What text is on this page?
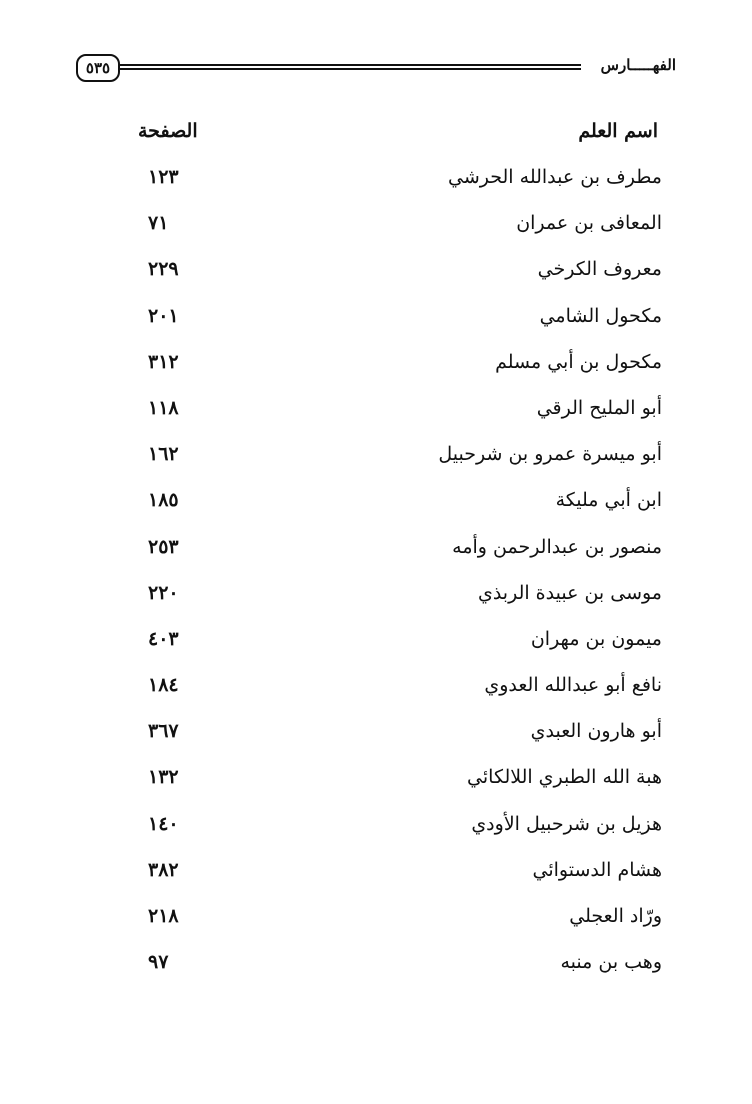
٥٣٥	الفهـــــارس
اسم العلم
الصفحة
مطرف بن عبدالله الحرشي
١٢٣
المعافى بن عمران
٧١
معروف الكرخي
٢٢٩
مكحول الشامي
٢٠١
مكحول بن أبي مسلم
٣١٢
أبو المليح الرقي
١١٨
أبو ميسرة عمرو بن شرحبيل
١٦٢
ابن أبي مليكة
١٨٥
منصور بن عبدالرحمن وأمه
٢٥٣
موسى بن عبيدة الربذي
٢٢٠
ميمون بن مهران
٤٠٣
نافع أبو عبدالله العدوي
١٨٤
أبو هارون العبدي
٣٦٧
هبة الله الطبري اللالكائي
١٣٢
هزيل بن شرحبيل الأودي
١٤٠
هشام الدستوائي
٣٨٢
ورّاد العجلي
٢١٨
وهب بن منبه
٩٧
